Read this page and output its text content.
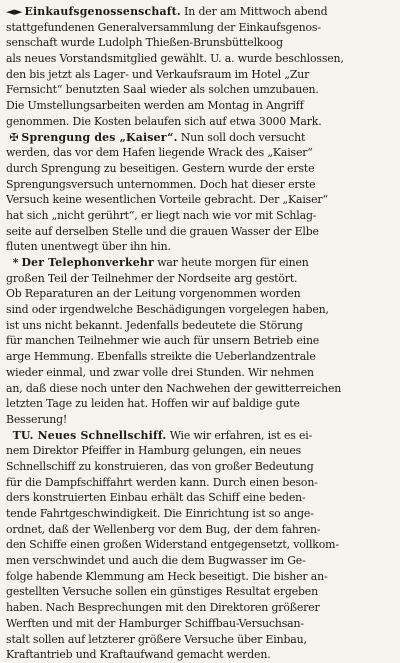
◄► Einkaufsgenossenschaft. In der am Mittwoch abend
stattgefundenen Generalversammlung der Einkaufsgenos-
senschaft wurde Ludolph Thießen-Brunsbüttelkoog
als neues Vorstandsmitglied gewählt. U. a. wurde beschlossen,
den bis jetzt als Lager- und Verkaufsraum im Hotel „Zur
Fernsicht“ benutzten Saal wieder als solchen umzubauen.
Die Umstellungsarbeiten werden am Montag in Angriff
genommen. Die Kosten belaufen sich auf etwa 3000 Mark.
✠ Sprengung des „Kaiser“. Nun soll doch versucht
werden, das vor dem Hafen liegende Wrack des „Kaiser“
durch Sprengung zu beseitigen. Gestern wurde der erste
Sprengungsversuch unternommen. Doch hat dieser erste
Versuch keine wesentlichen Vorteile gebracht. Der „Kaiser“
hat sich „nicht gerührt“, er liegt nach wie vor mit Schlag-
seite auf derselben Stelle und die grauen Wasser der Elbe
fluten unentwegt über ihn hin.
* Der Telephonverkehr war heute morgen für einen
großen Teil der Teilnehmer der Nordseite arg gestört.
Ob Reparaturen an der Leitung vorgenommen worden
sind oder irgendwelche Beschädigungen vorgelegen haben,
ist uns nicht bekannt. Jedenfalls bedeutete die Störung
für manchen Teilnehmer wie auch für unsern Betrieb eine
arge Hemmung. Ebenfalls streikte die Ueberlandzentrale
wieder einmal, und zwar volle drei Stunden. Wir nehmen
an, daß diese noch unter den Nachwehen der gewitterreichen
letzten Tage zu leiden hat. Hoffen wir auf baldige gute
Besserung!
TU. Neues Schnellschiff. Wie wir erfahren, ist es ei-
nem Direktor Pfeiffer in Hamburg gelungen, ein neues
Schnellschiff zu konstruieren, das von großer Bedeutung
für die Dampfschiffahrt werden kann. Durch einen beson-
ders konstruierten Einbau erhält das Schiff eine beden-
tende Fahrtgeschwindigkeit. Die Einrichtung ist so ange-
ordnet, daß der Wellenberg vor dem Bug, der dem fahren-
den Schiffe einen großen Widerstand entgegensetzt, vollkom-
men verschwindet und auch die dem Bugwasser im Ge-
folge habende Klemmung am Heck beseitigt. Die bisher an-
gestellten Versuche sollen ein günstiges Resultat ergeben
haben. Nach Besprechungen mit den Direktoren größerer
Werften und mit der Hamburger Schiffbau-Versuchsan-
stalt sollen auf letzterer größere Versuche über Einbau,
Kraftantrieb und Kraftaufwand gemacht werden.
